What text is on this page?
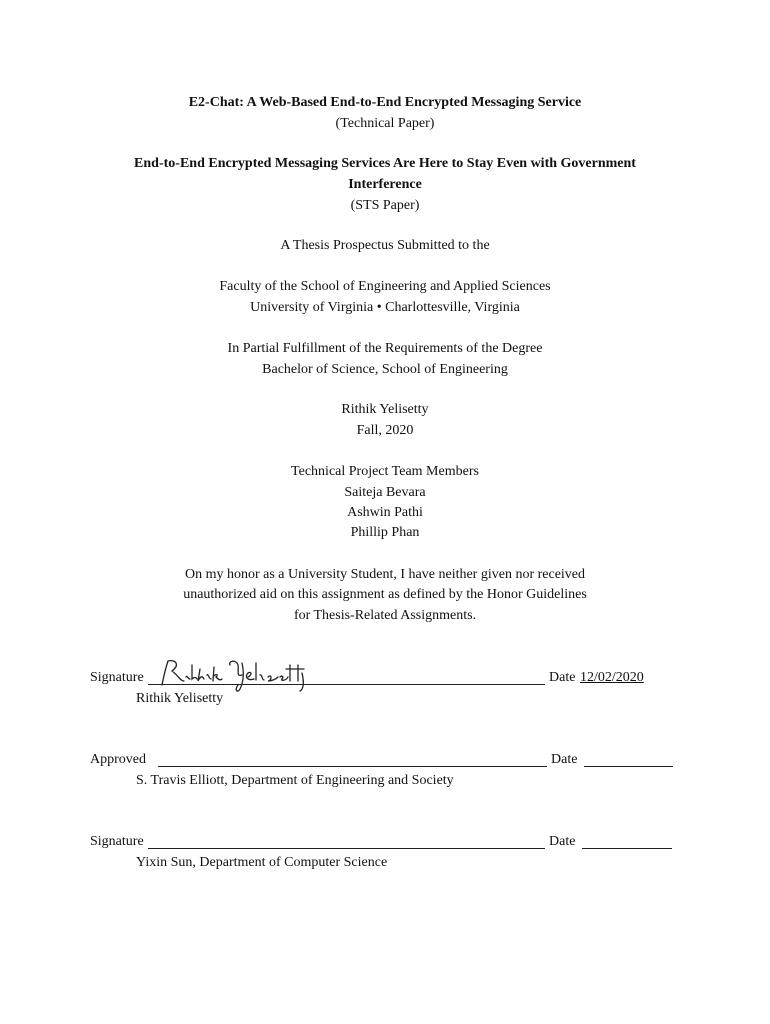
E2-Chat: A Web-Based End-to-End Encrypted Messaging Service
(Technical Paper)
End-to-End Encrypted Messaging Services Are Here to Stay Even with Government
Interference
(STS Paper)
A Thesis Prospectus Submitted to the
Faculty of the School of Engineering and Applied Sciences
University of Virginia • Charlottesville, Virginia
In Partial Fulfillment of the Requirements of the Degree
Bachelor of Science, School of Engineering
Rithik Yelisetty
Fall, 2020
Technical Project Team Members
Saiteja Bevara
Ashwin Pathi
Phillip Phan
On my honor as a University Student, I have neither given nor received
unauthorized aid on this assignment as defined by the Honor Guidelines
for Thesis-Related Assignments.
Signature	Date 12/02/2020
Rithik Yelisetty
Approved	Date
S. Travis Elliott, Department of Engineering and Society
Signature	Date
Yixin Sun, Department of Computer Science
